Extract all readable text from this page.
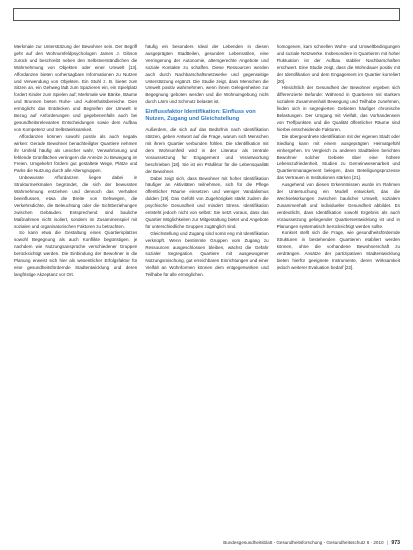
Merkmale zur Unterstützung der Bewohner sein. Der Begriff geht auf den Wohnumfeldpsychologen James J. Gibson zurück und beschreibt neben den Selbstverständlichen die Wahrnehmung von Objekten oder einer Umwelt [13]. Affordanzen bieten vorhersagbare Informationen zu Nutzen und Verwendung von Objekten. Ein Stuhl z. B. bietet zum Sitzen an, ein Gehweg lädt zum Spazieren ein, ein Spielplatz fordert Kinder zum Spielen auf; Merkmale wie Bänke, Bäume und Brunnen bieten Ruhe- und Aufenthaltsbereiche. Dies ermöglicht das Entdecken und Begreifen der Umwelt in Bezug auf Anforderungen und gegebenenfalls auch bei gesundheitsrelevanten Entscheidungen sowie dem Aufbau von Kompetenz und Selbstwirksamkeit.

Affordanzen können sowohl positiv als auch negativ wirken: Gerade Bewohner benachteiligter Quartiere nehmen ihr Umfeld häufig als unsicher wahr, Verwahrlosung und fehlende Grünflächen verringern die Anreize zu Bewegung im Freien. Umgekehrt fördern gut gestaltete Wege, Plätze und Parks die Nutzung durch alle Altersgruppen.

Unbewusste Affordanzen liegen dabei in Strukturmerkmalen begründet, die sich der bewussten Wahrnehmung entziehen und dennoch das Verhalten beeinflussen, etwa die Breite von Gehwegen, die Verkehrsdichte, die Beleuchtung oder die Sichtbeziehungen zwischen Gebäuden. Entsprechend sind bauliche Maßnahmen nicht isoliert, sondern im Zusammenspiel mit sozialen und organisatorischen Faktoren zu betrachten.

So kann etwa die Gestaltung eines Quartiersplatzes sowohl Begegnung als auch Konflikte begünstigen, je nachdem wie Nutzungsansprüche verschiedener Gruppen berücksichtigt werden. Die Einbindung der Bewohner in die Planung erweist sich hier als wesentlicher Erfolgsfaktor für eine gesundheitsfördernde Stadtentwicklung und deren langfristige Akzeptanz vor Ort.

häufig ein besonders Ideal der Lebenden in diesen ausgeprägten Stadtteilen, gesunden Lebensstilen, eine Verringerung der Autonomie, altersgerechte Angebote und soziale Kontakte zu schaffen. Diese Ressourcen werden auch durch Nachbarschaftsnetzwerke und gegenseitige Unterstützung ergänzt. Die Studie zeigt, dass Menschen die Umwelt positiv wahrnehmen, wenn ihnen Gelegenheiten zur Begegnung geboten werden und die Wohnumgebung nicht durch Lärm und Schmutz belastet ist.

Einflussfaktor Identifikation: Einfluss von Nutzen, Zugang und Gleichstellung

Außerdem, die sich auf das Bedürfnis nach Identifikation stützen, geben Antwort auf die Frage, warum sich Menschen mit ihrem Quartier verbunden fühlen. Die Identifikation mit dem Wohnumfeld wird in der Literatur als zentrale Voraussetzung für Engagement und Verantwortung beschrieben [18]. Sie ist ein Prädiktor für die Lebensqualität der Bewohner.

Dabei zeigt sich, dass Bewohner mit hoher Identifikation häufiger an Aktivitäten teilnehmen, sich für die Pflege öffentlicher Räume einsetzen und weniger Vandalismus dulden [19]. Das Gefühl von Zugehörigkeit stärkt zudem die psychische Gesundheit und mindert Stress. Identifikation entsteht jedoch nicht von selbst: Sie setzt voraus, dass das Quartier Möglichkeiten zur Mitgestaltung bietet und Angebote für unterschiedliche Gruppen zugänglich sind.

Gleichstellung und Zugang sind somit eng mit Identifikation verknüpft. Wenn bestimmte Gruppen vom Zugang zu Ressourcen ausgeschlossen bleiben, wächst die Gefahr sozialer Segregation. Quartiere mit ausgewogener Nutzungsmischung, gut erreichbaren Einrichtungen und einer Vielfalt an Wohnformen können dem entgegenwirken und Teilhabe für alle ermöglichen.

homogenen, kam schnellen Wohn- und Umweltbedingungen und soziale Netzwerke. Insbesondere in Quartieren mit hoher Fluktuation ist der Aufbau stabiler Nachbarschaften erschwert. Eine Studie zeigt, dass die Wohndauer positiv mit der Identifikation und dem Engagement im Quartier korreliert [20].

Hinsichtlich der Gesundheit der Bewohner ergeben sich differenzierte Befunde: Während in Quartieren mit starkem sozialem Zusammenhalt Bewegung und Teilhabe zunehmen, finden sich in segregierten Gebieten häufiger chronische Belastungen. Der Umgang mit Vielfalt, das Vorhandensein von Treffpunkten und die Qualität öffentlicher Räume sind hierbei entscheidende Faktoren.

Die übergeordnete Identifikation mit der eigenen Stadt oder Siedlung kann mit einem ausgeprägten Heimatgefühl einhergehen. Im Vergleich zu anderen Stadtteilen berichten Bewohner solcher Gebiete über eine höhere Lebenszufriedenheit. Studien zu Gemeinwesenarbeit und Quartiersmanagement belegen, dass Beteiligungsprozesse das Vertrauen in Institutionen stärken [21].

Ausgehend von diesen Erkenntnissen wurde im Rahmen der Untersuchung ein Modell entwickelt, das die Wechselwirkungen zwischen baulicher Umwelt, sozialem Zusammenhalt und individueller Gesundheit abbildet. Es verdeutlicht, dass Identifikation sowohl Ergebnis als auch Voraussetzung gelingender Quartiersentwicklung ist und in Planungen systematisch berücksichtigt werden sollte.

Konkret stellt sich die Frage, wie gesundheitsfördernde Strukturen in bestehenden Quartieren etabliert werden können, ohne die vorhandene Bewohnerschaft zu verdrängen. Ansätze der partizipativen Stadtentwicklung bieten hierfür geeignete Instrumente, deren Wirksamkeit jedoch weiterer Evaluation bedarf [22].

Bundesgesundheitsblatt - Gesundheitsforschung - Gesundheitsschutz 6 · 2010 | 973
